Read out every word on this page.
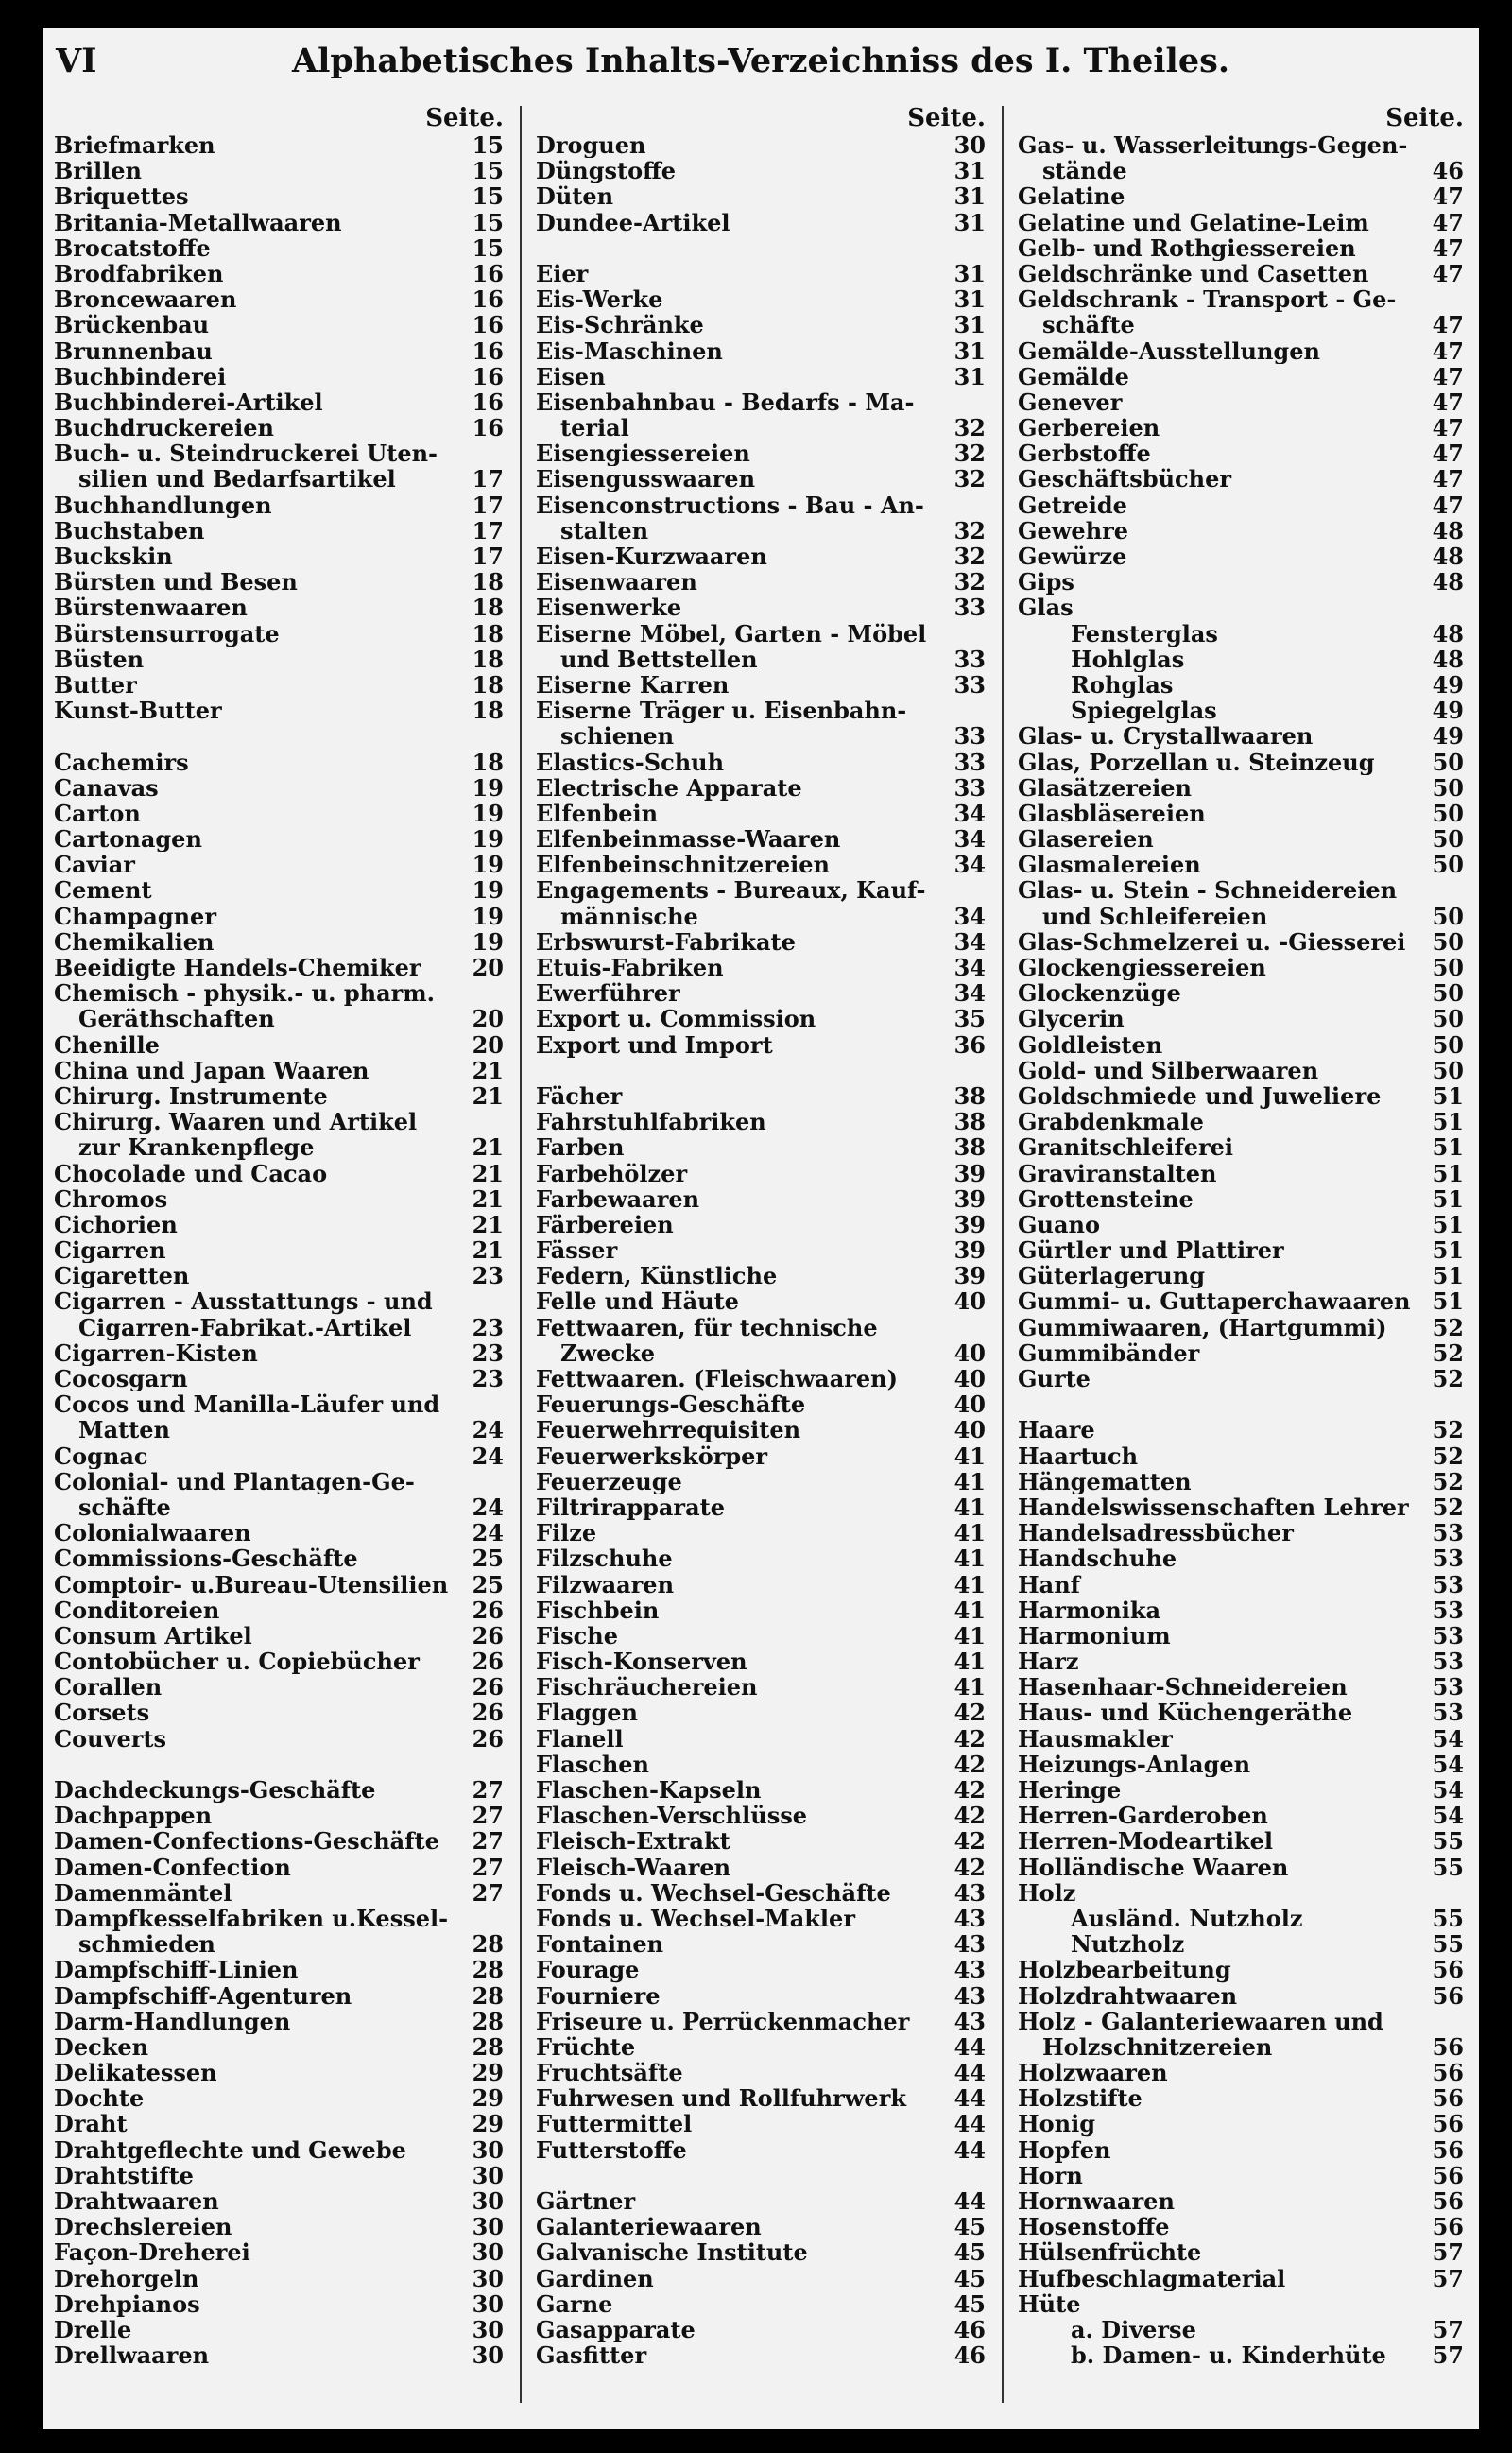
VI	Alphabetisches Inhalts-Verzeichniss des I. Theiles.
Seite.
Briefmarken	15
Brillen	15
Briquettes	15
Britania-Metallwaaren	15
Brocatstoffe	15
Brodfabriken	16
Broncewaaren	16
Brückenbau	16
Brunnenbau	16
Buchbinderei	16
Buchbinderei-Artikel	16
Buchdruckereien	16
Buch- u. Steindruckerei Uten-
silien und Bedarfsartikel	17
Buchhandlungen	17
Buchstaben	17
Buckskin	17
Bürsten und Besen	18
Bürstenwaaren	18
Bürstensurrogate	18
Büsten	18
Butter	18
Kunst-Butter	18
Cachemirs	18
Canavas	19
Carton	19
Cartonagen	19
Caviar	19
Cement	19
Champagner	19
Chemikalien	19
Beeidigte Handels-Chemiker	20
Chemisch - physik.- u. pharm.
Geräthschaften	20
Chenille	20
China und Japan Waaren	21
Chirurg. Instrumente	21
Chirurg. Waaren und Artikel
zur Krankenpflege	21
Chocolade und Cacao	21
Chromos	21
Cichorien	21
Cigarren	21
Cigaretten	23
Cigarren - Ausstattungs - und
Cigarren-Fabrikat.-Artikel	23
Cigarren-Kisten	23
Cocosgarn	23
Cocos und Manilla-Läufer und
Matten	24
Cognac	24
Colonial- und Plantagen-Ge-
schäfte	24
Colonialwaaren	24
Commissions-Geschäfte	25
Comptoir- u.Bureau-Utensilien	25
Conditoreien	26
Consum Artikel	26
Contobücher u. Copiebücher	26
Corallen	26
Corsets	26
Couverts	26
Dachdeckungs-Geschäfte	27
Dachpappen	27
Damen-Confections-Geschäfte	27
Damen-Confection	27
Damenmäntel	27
Dampfkesselfabriken u.Kessel-
schmieden	28
Dampfschiff-Linien	28
Dampfschiff-Agenturen	28
Darm-Handlungen	28
Decken	28
Delikatessen	29
Dochte	29
Draht	29
Drahtgeflechte und Gewebe	30
Drahtstifte	30
Drahtwaaren	30
Drechslereien	30
Façon-Dreherei	30
Drehorgeln	30
Drehpianos	30
Drelle	30
Drellwaaren	30
Seite.
Droguen	30
Düngstoffe	31
Düten	31
Dundee-Artikel	31
Eier	31
Eis-Werke	31
Eis-Schränke	31
Eis-Maschinen	31
Eisen	31
Eisenbahnbau - Bedarfs - Ma-
terial	32
Eisengiessereien	32
Eisengusswaaren	32
Eisenconstructions - Bau - An-
stalten	32
Eisen-Kurzwaaren	32
Eisenwaaren	32
Eisenwerke	33
Eiserne Möbel, Garten - Möbel
und Bettstellen	33
Eiserne Karren	33
Eiserne Träger u. Eisenbahn-
schienen	33
Elastics-Schuh	33
Electrische Apparate	33
Elfenbein	34
Elfenbeinmasse-Waaren	34
Elfenbeinschnitzereien	34
Engagements - Bureaux, Kauf-
männische	34
Erbswurst-Fabrikate	34
Etuis-Fabriken	34
Ewerführer	34
Export u. Commission	35
Export und Import	36
Fächer	38
Fahrstuhlfabriken	38
Farben	38
Farbehölzer	39
Farbewaaren	39
Färbereien	39
Fässer	39
Federn, Künstliche	39
Felle und Häute	40
Fettwaaren, für technische
Zwecke	40
Fettwaaren. (Fleischwaaren)	40
Feuerungs-Geschäfte	40
Feuerwehrrequisiten	40
Feuerwerkskörper	41
Feuerzeuge	41
Filtrirapparate	41
Filze	41
Filzschuhe	41
Filzwaaren	41
Fischbein	41
Fische	41
Fisch-Konserven	41
Fischräuchereien	41
Flaggen	42
Flanell	42
Flaschen	42
Flaschen-Kapseln	42
Flaschen-Verschlüsse	42
Fleisch-Extrakt	42
Fleisch-Waaren	42
Fonds u. Wechsel-Geschäfte	43
Fonds u. Wechsel-Makler	43
Fontainen	43
Fourage	43
Fourniere	43
Friseure u. Perrückenmacher	43
Früchte	44
Fruchtsäfte	44
Fuhrwesen und Rollfuhrwerk	44
Futtermittel	44
Futterstoffe	44
Gärtner	44
Galanteriewaaren	45
Galvanische Institute	45
Gardinen	45
Garne	45
Gasapparate	46
Gasfitter	46
Seite.
Gas- u. Wasserleitungs-Gegen-
stände	46
Gelatine	47
Gelatine und Gelatine-Leim	47
Gelb- und Rothgiessereien	47
Geldschränke und Casetten	47
Geldschrank - Transport - Ge-
schäfte	47
Gemälde-Ausstellungen	47
Gemälde	47
Genever	47
Gerbereien	47
Gerbstoffe	47
Geschäftsbücher	47
Getreide	47
Gewehre	48
Gewürze	48
Gips	48
Glas
Fensterglas	48
Hohlglas	48
Rohglas	49
Spiegelglas	49
Glas- u. Crystallwaaren	49
Glas, Porzellan u. Steinzeug	50
Glasätzereien	50
Glasbläsereien	50
Glasereien	50
Glasmalereien	50
Glas- u. Stein - Schneidereien
und Schleifereien	50
Glas-Schmelzerei u. -Giesserei	50
Glockengiessereien	50
Glockenzüge	50
Glycerin	50
Goldleisten	50
Gold- und Silberwaaren	50
Goldschmiede und Juweliere	51
Grabdenkmale	51
Granitschleiferei	51
Graviranstalten	51
Grottensteine	51
Guano	51
Gürtler und Plattirer	51
Güterlagerung	51
Gummi- u. Guttaperchawaaren 51
Gummiwaaren, (Hartgummi)	52
Gummibänder	52
Gurte	52
Haare	52
Haartuch	52
Hängematten	52
Handelswissenschaften Lehrer	52
Handelsadressbücher	53
Handschuhe	53
Hanf	53
Harmonika	53
Harmonium	53
Harz	53
Hasenhaar-Schneidereien	53
Haus- und Küchengeräthe	53
Hausmakler	54
Heizungs-Anlagen	54
Heringe	54
Herren-Garderoben	54
Herren-Modeartikel	55
Holländische Waaren	55
Holz
Ausländ. Nutzholz	55
Nutzholz	55
Holzbearbeitung	56
Holzdrahtwaaren	56
Holz - Galanteriewaaren und
Holzschnitzereien	56
Holzwaaren	56
Holzstifte	56
Honig	56
Hopfen	56
Horn	56
Hornwaaren	56
Hosenstoffe	56
Hülsenfrüchte	57
Hufbeschlagmaterial	57
Hüte
a. Diverse	57
b. Damen- u. Kinderhüte	57
